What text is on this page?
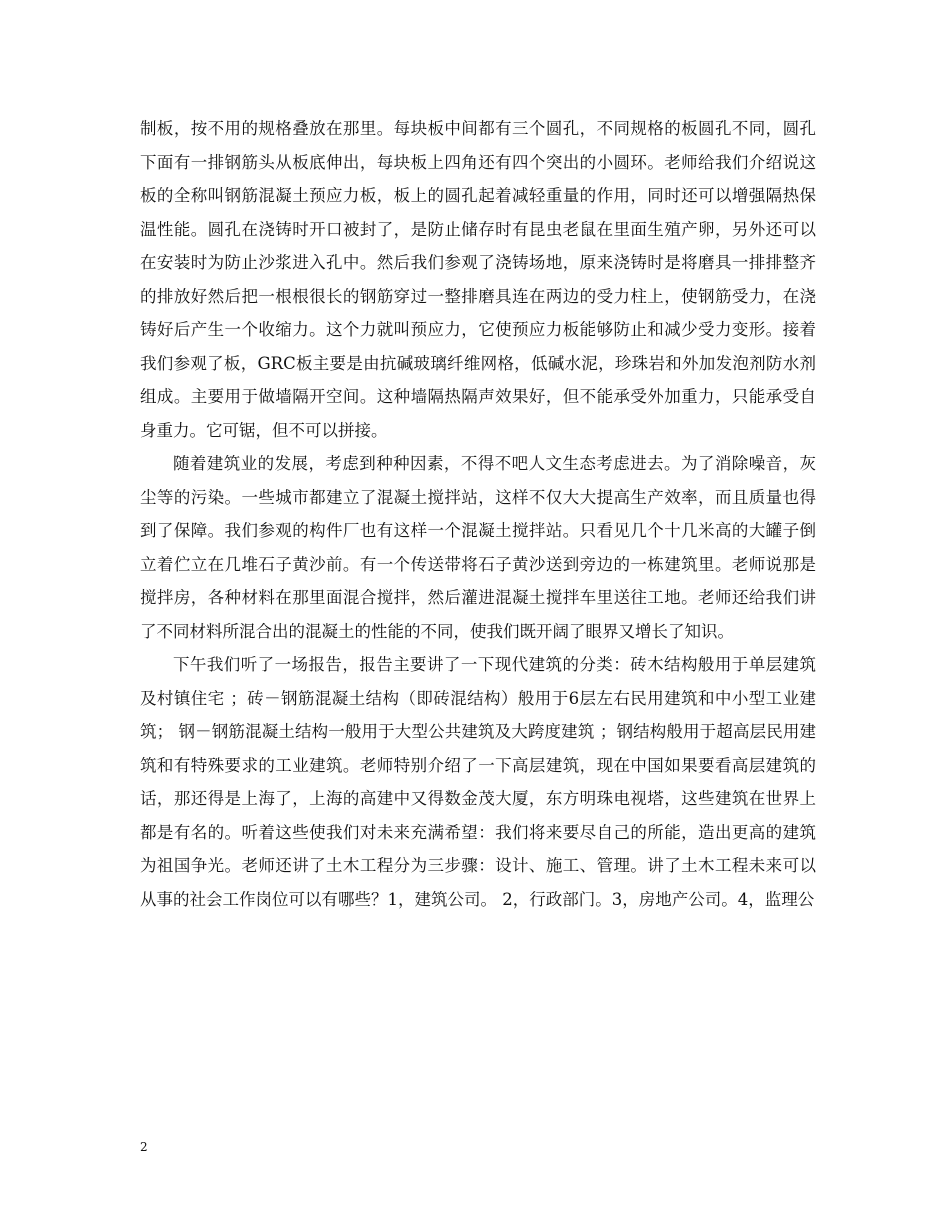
制板，按不用的规格叠放在那里。每块板中间都有三个圆孔，不同规格的板圆孔不同，圆孔下面有一排钢筋头从板底伸出，每块板上四角还有四个突出的小圆环。老师给我们介绍说这板的全称叫钢筋混凝土预应力板，板上的圆孔起着减轻重量的作用，同时还可以增强隔热保温性能。圆孔在浇铸时开口被封了，是防止储存时有昆虫老鼠在里面生殖产卵，另外还可以在安装时为防止沙浆进入孔中。然后我们参观了浇铸场地，原来浇铸时是将磨具一排排整齐的排放好然后把一根根很长的钢筋穿过一整排磨具连在两边的受力柱上，使钢筋受力，在浇铸好后产生一个收缩力。这个力就叫预应力，它使预应力板能够防止和减少受力变形。接着我们参观了板，GRC板主要是由抗碱玻璃纤维网格，低碱水泥，珍珠岩和外加发泡剂防水剂组成。主要用于做墙隔开空间。这种墙隔热隔声效果好，但不能承受外加重力，只能承受自身重力。它可锯，但不可以拼接。

随着建筑业的发展，考虑到种种因素，不得不吧人文生态考虑进去。为了消除噪音，灰尘等的污染。一些城市都建立了混凝土搅拌站，这样不仅大大提高生产效率，而且质量也得到了保障。我们参观的构件厂也有这样一个混凝土搅拌站。只看见几个十几米高的大罐子倒立着伫立在几堆石子黄沙前。有一个传送带将石子黄沙送到旁边的一栋建筑里。老师说那是搅拌房，各种材料在那里面混合搅拌，然后灌进混凝土搅拌车里送往工地。老师还给我们讲了不同材料所混合出的混凝土的性能的不同，使我们既开阔了眼界又增长了知识。

下午我们听了一场报告，报告主要讲了一下现代建筑的分类：砖木结构般用于单层建筑及村镇住宅 ；砖－钢筋混凝土结构（即砖混结构）般用于6层左右民用建筑和中小型工业建筑； 钢－钢筋混凝土结构一般用于大型公共建筑及大跨度建筑 ；钢结构般用于超高层民用建筑和有特殊要求的工业建筑。老师特别介绍了一下高层建筑，现在中国如果要看高层建筑的话，那还得是上海了，上海的高建中又得数金茂大厦，东方明珠电视塔，这些建筑在世界上都是有名的。听着这些使我们对未来充满希望：我们将来要尽自己的所能，造出更高的建筑为祖国争光。老师还讲了土木工程分为三步骤：设计、施工、管理。讲了土木工程未来可以从事的社会工作岗位可以有哪些？1，建筑公司。 2，行政部门。3，房地产公司。4，监理公

2
